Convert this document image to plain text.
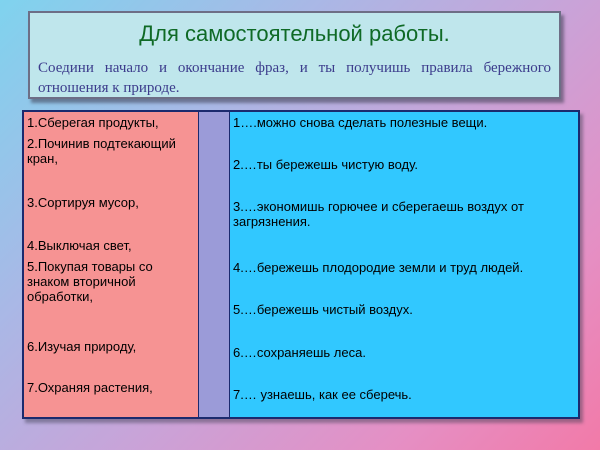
Для самостоятельной работы.
Соедини начало и окончание фраз, и ты получишь правила бережного отношения к природе.
1.Сберегая продукты,
2.Починив подтекающий кран,
3.Сортируя мусор,
4.Выключая свет,
5.Покупая товары со знаком вторичной обработки,
6.Изучая природу,
7.Охраняя растения,
1….можно снова сделать полезные вещи.
2.…ты бережешь чистую воду.
3.…экономишь горючее и сберегаешь воздух от загрязнения.
4.…бережешь плодородие земли и труд людей.
5.…бережешь чистый воздух.
6.…сохраняешь леса.
7.… узнаешь, как ее сберечь.
